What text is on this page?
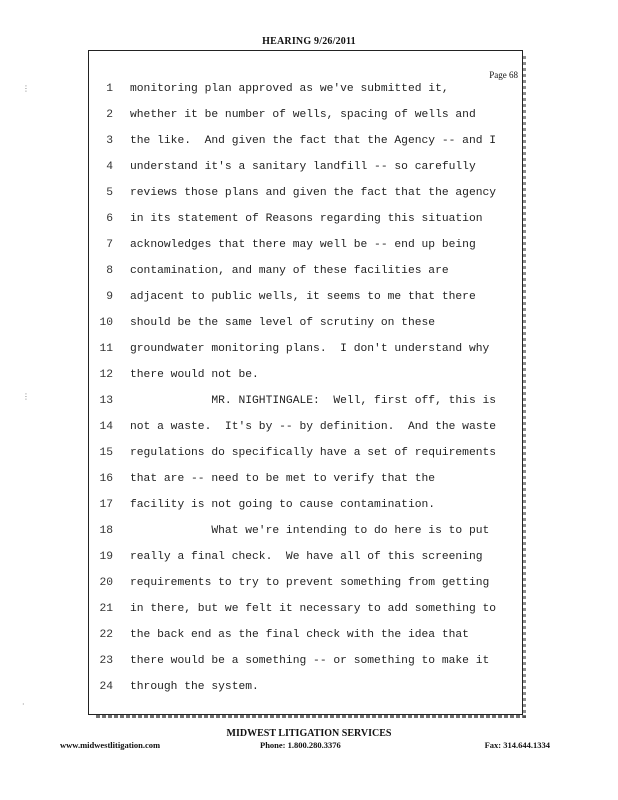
HEARING 9/26/2011
Page 68
⋮
⋮
·
1 monitoring plan approved as we've submitted it,
2 whether it be number of wells, spacing of wells and
3 the like.  And given the fact that the Agency -- and I
4 understand it's a sanitary landfill -- so carefully
5 reviews those plans and given the fact that the agency
6 in its statement of Reasons regarding this situation
7 acknowledges that there may well be -- end up being
8 contamination, and many of these facilities are
9 adjacent to public wells, it seems to me that there
10 should be the same level of scrutiny on these
11 groundwater monitoring plans.  I don't understand why
12 there would not be.
13            MR. NIGHTINGALE:  Well, first off, this is
14 not a waste.  It's by -- by definition.  And the waste
15 regulations do specifically have a set of requirements
16 that are -- need to be met to verify that the
17 facility is not going to cause contamination.
18            What we're intending to do here is to put
19 really a final check.  We have all of this screening
20 requirements to try to prevent something from getting
21 in there, but we felt it necessary to add something to
22 the back end as the final check with the idea that
23 there would be a something -- or something to make it
24 through the system.
MIDWEST LITIGATION SERVICES
www.midwestlitigation.com	Phone: 1.800.280.3376	Fax: 314.644.1334
